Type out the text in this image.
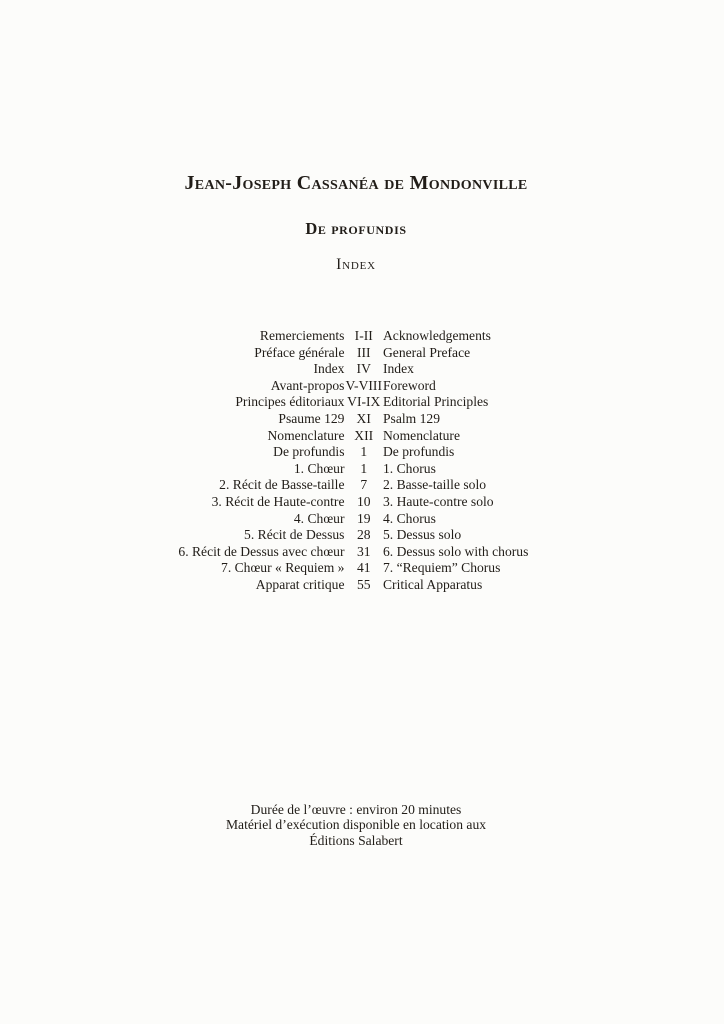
Jean-Joseph Cassanéa de Mondonville
De profundis
Index
Remerciements	I-II	Acknowledgements
Préface générale	III	General Preface
Index	IV	Index
Avant-propos	V-VIII	Foreword
Principes éditoriaux	VI-IX	Editorial Principles
Psaume 129	XI	Psalm 129
Nomenclature	XII	Nomenclature
De profundis	1	De profundis
1. Chœur	1	1. Chorus
2. Récit de Basse-taille	7	2. Basse-taille solo
3. Récit de Haute-contre	10	3. Haute-contre solo
4. Chœur	19	4. Chorus
5. Récit de Dessus	28	5. Dessus solo
6. Récit de Dessus avec chœur	31	6. Dessus solo with chorus
7. Chœur « Requiem »	41	7. “Requiem” Chorus
Apparat critique	55	Critical Apparatus
Durée de l’œuvre : environ 20 minutes
Matériel d’exécution disponible en location aux
Éditions Salabert
